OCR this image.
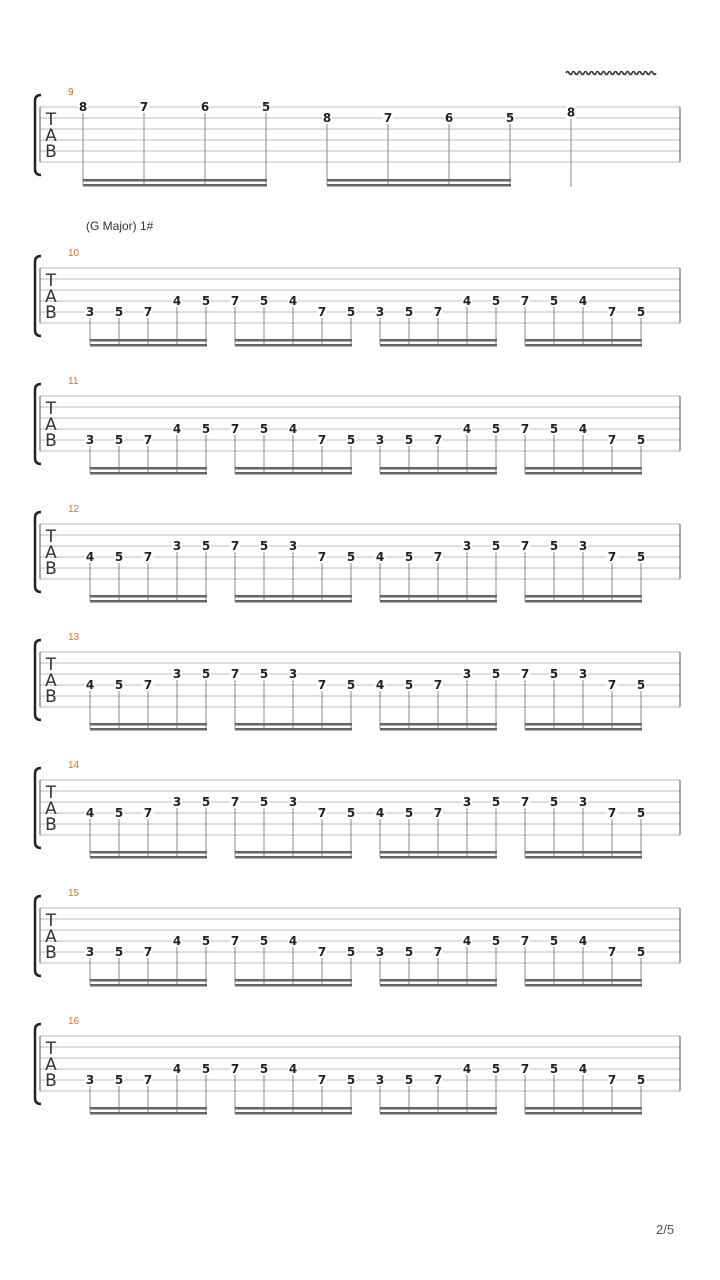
T
A
B
9
8	7	6	5
8	7	6	5	8
T
A
B
10
3 5 7
4 5 7 5 4
7 5 3 5 7
4 5 7 5 4
7 5
T
A
B
11
3 5 7
4 5 7 5 4
7 5 3 5 7
4 5 7 5 4
7 5
T
A
B
12
4 5 7
3 5 7 5 3
7 5 4 5 7
3 5 7 5 3
7 5
T
A
B
13
4 5 7
3 5 7 5 3
7 5 4 5 7
3 5 7 5 3
7 5
T
A
B
14
4 5 7
3 5 7 5 3
7 5 4 5 7
3 5 7 5 3
7 5
T
A
B
15
3 5 7
4 5 7 5 4
7 5 3 5 7
4 5 7 5 4
7 5
T
A
B
16
3 5 7
4 5 7 5 4
7 5 3 5 7
4 5 7 5 4
7 5
(G Major) 1#
2/5
